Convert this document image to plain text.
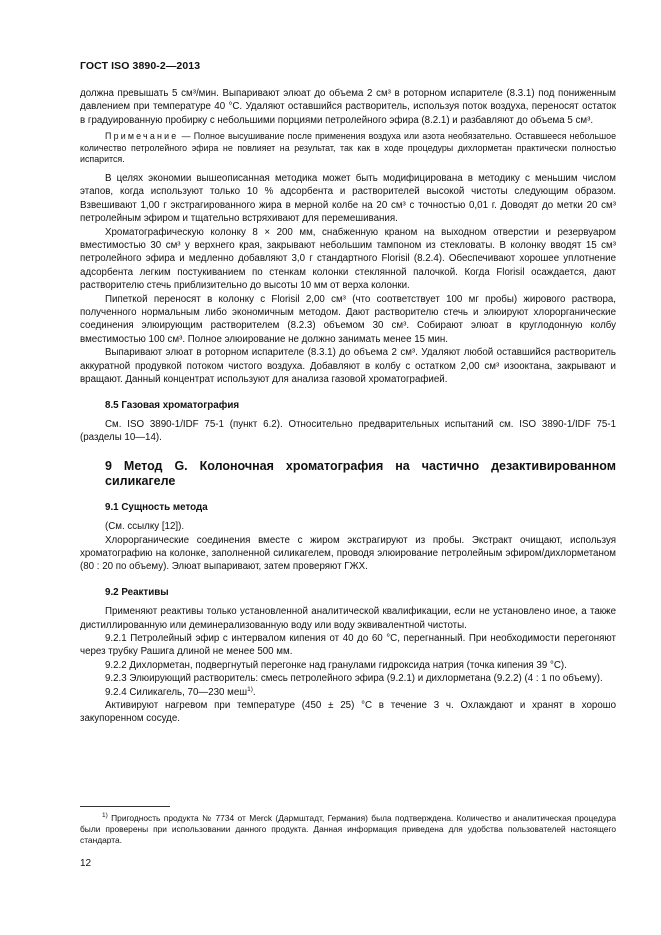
ГОСТ ISO 3890-2—2013

должна превышать 5 см³/мин. Выпаривают элюат до объема 2 см³ в роторном испарителе (8.3.1) под пониженным давлением при температуре 40 °С. Удаляют оставшийся растворитель, используя поток воздуха, переносят остаток в градуированную пробирку с небольшими порциями петролейного эфира (8.2.1) и разбавляют до объема 5 см³.

Примечание — Полное высушивание после применения воздуха или азота необязательно. Оставшееся небольшое количество петролейного эфира не повлияет на результат, так как в ходе процедуры дихлорметан практически полностью испарится.

В целях экономии вышеописанная методика может быть модифицирована в методику с меньшим числом этапов, когда используют только 10 % адсорбента и растворителей высокой чистоты следующим образом. Взвешивают 1,00 г экстрагированного жира в мерной колбе на 20 см³ с точностью 0,01 г. Доводят до метки 20 см³ петролейным эфиром и тщательно встряхивают для перемешивания.

Хроматографическую колонку 8 × 200 мм, снабженную краном на выходном отверстии и резервуаром вместимостью 30 см³ у верхнего края, закрывают небольшим тампоном из стекловаты. В колонку вводят 15 см³ петролейного эфира и медленно добавляют 3,0 г стандартного Florisil (8.2.4). Обеспечивают хорошее уплотнение адсорбента легким постукиванием по стенкам колонки стеклянной палочкой. Когда Florisil осаждается, дают растворителю стечь приблизительно до высоты 10 мм от верха колонки.

Пипеткой переносят в колонку с Florisil 2,00 см³ (что соответствует 100 мг пробы) жирового раствора, полученного нормальным либо экономичным методом. Дают растворителю стечь и элюируют хлорорганические соединения элюирующим растворителем (8.2.3) объемом 30 см³. Собирают элюат в круглодонную колбу вместимостью 100 см³. Полное элюирование не должно занимать менее 15 мин.

Выпаривают элюат в роторном испарителе (8.3.1) до объема 2 см³. Удаляют любой оставшийся растворитель аккуратной продувкой потоком чистого воздуха. Добавляют в колбу с остатком 2,00 см³ изооктана, закрывают и вращают. Данный концентрат используют для анализа газовой хроматографией.

8.5 Газовая хроматография

См. ISO 3890-1/IDF 75-1 (пункт 6.2). Относительно предварительных испытаний см. ISO 3890-1/IDF 75-1 (разделы 10—14).

9 Метод G. Колоночная хроматография на частично дезактивированном силикагеле
9.1 Сущность метода

(См. ссылку [12]).

Хлорорганические соединения вместе с жиром экстрагируют из пробы. Экстракт очищают, используя хроматографию на колонке, заполненной силикагелем, проводя элюирование петролейным эфиром/дихлорметаном (80 : 20 по объему). Элюат выпаривают, затем проверяют ГЖХ.

9.2 Реактивы

Применяют реактивы только установленной аналитической квалификации, если не установлено иное, а также дистиллированную или деминерализованную воду или воду эквивалентной чистоты.

9.2.1 Петролейный эфир с интервалом кипения от 40 до 60 °С, перегнанный. При необходимости перегоняют через трубку Рашига длиной не менее 500 мм.

9.2.2 Дихлорметан, подвергнутый перегонке над гранулами гидроксида натрия (точка кипения 39 °С).

9.2.3 Элюирующий растворитель: смесь петролейного эфира (9.2.1) и дихлорметана (9.2.2) (4 : 1 по объему).

9.2.4 Силикагель, 70—230 меш$^{1)}$.

Активируют нагревом при температуре (450 ± 25) °С в течение 3 ч. Охлаждают и хранят в хорошо закупоренном сосуде.

$^{1)}$ Пригодность продукта № 7734 от Merck (Дармштадт, Германия) была подтверждена. Количество и аналитическая процедура были проверены при использовании данного продукта. Данная информация приведена для удобства пользователей настоящего стандарта.
12
